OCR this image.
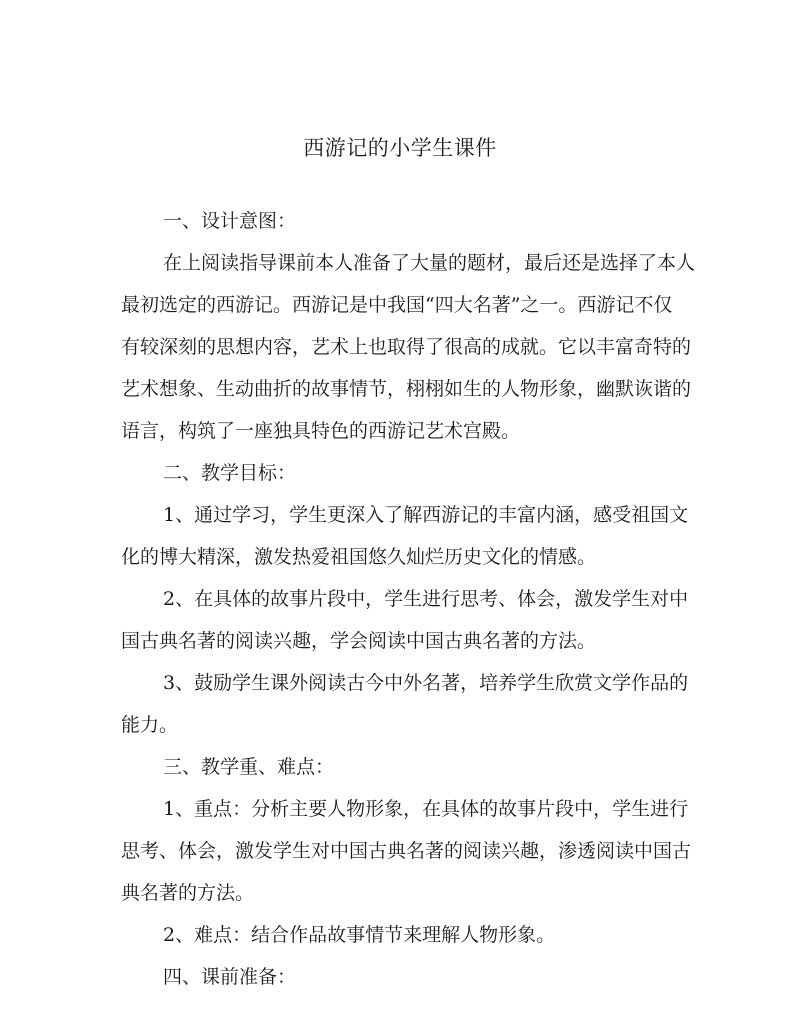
西游记的小学生课件
一、设计意图：
在上阅读指导课前本人准备了大量的题材，最后还是选择了本人
最初选定的西游记。西游记是中我国“四大名著”之一。西游记不仅
有较深刻的思想内容，艺术上也取得了很高的成就。它以丰富奇特的
艺术想象、生动曲折的故事情节，栩栩如生的人物形象，幽默诙谐的
语言，构筑了一座独具特色的西游记艺术宫殿。
二、教学目标：
1、通过学习，学生更深入了解西游记的丰富内涵，感受祖国文
化的博大精深，激发热爱祖国悠久灿烂历史文化的情感。
2、在具体的故事片段中，学生进行思考、体会，激发学生对中
国古典名著的阅读兴趣，学会阅读中国古典名著的方法。
3、鼓励学生课外阅读古今中外名著，培养学生欣赏文学作品的
能力。
三、教学重、难点：
1、重点：分析主要人物形象，在具体的故事片段中，学生进行
思考、体会，激发学生对中国古典名著的阅读兴趣，渗透阅读中国古
典名著的方法。
2、难点：结合作品故事情节来理解人物形象。
四、课前准备：
